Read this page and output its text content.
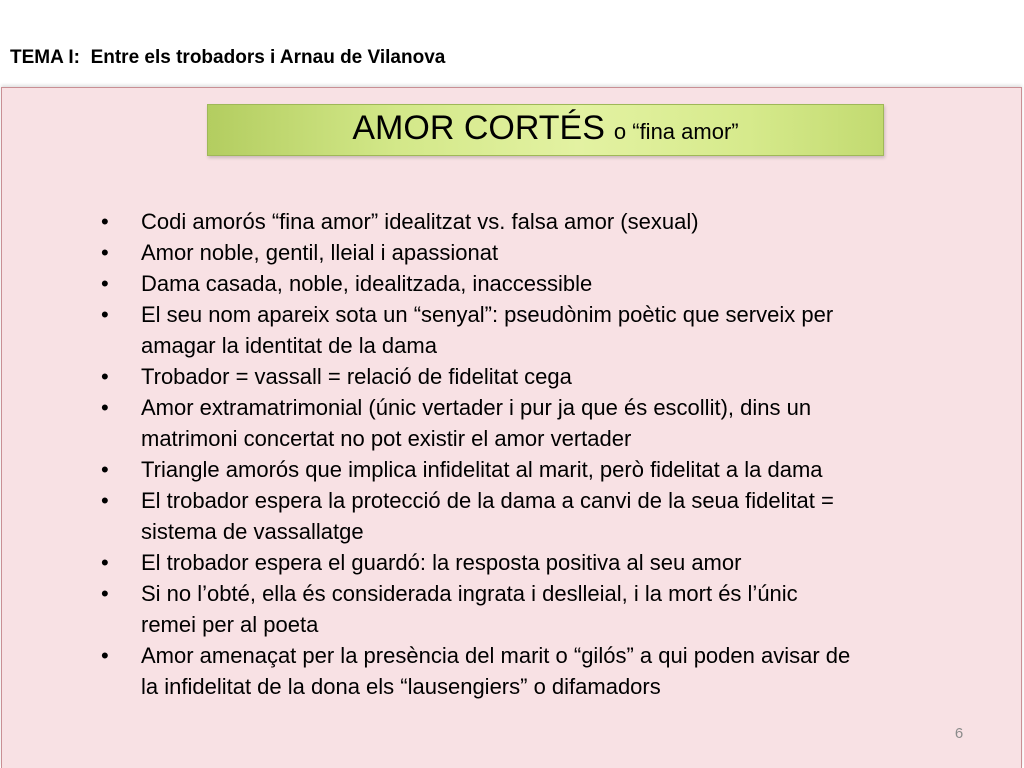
TEMA I:  Entre els trobadors i Arnau de Vilanova
AMOR CORTÉS o “fina amor”
•	Codi amorós “fina amor” idealitzat vs. falsa amor (sexual)
•	Amor noble, gentil, lleial i apassionat
•	Dama casada, noble, idealitzada, inaccessible
•	El seu nom apareix sota un “senyal”: pseudònim poètic que serveix per
amagar la identitat de la dama
•	Trobador = vassall = relació de fidelitat cega
•	Amor extramatrimonial (únic vertader i pur ja que és escollit), dins un
matrimoni concertat no pot existir el amor vertader
•	Triangle amorós que implica infidelitat al marit, però fidelitat a la dama
•	El trobador espera la protecció de la dama a canvi de la seua fidelitat =
sistema de vassallatge
•	El trobador espera el guardó: la resposta positiva al seu amor
•	Si no l’obté, ella és considerada ingrata i deslleial, i la mort és l’únic
remei per al poeta
•	Amor amenaçat per la presència del marit o “gilós” a qui poden avisar de
la infidelitat de la dona els “lausengiers” o difamadors
6
